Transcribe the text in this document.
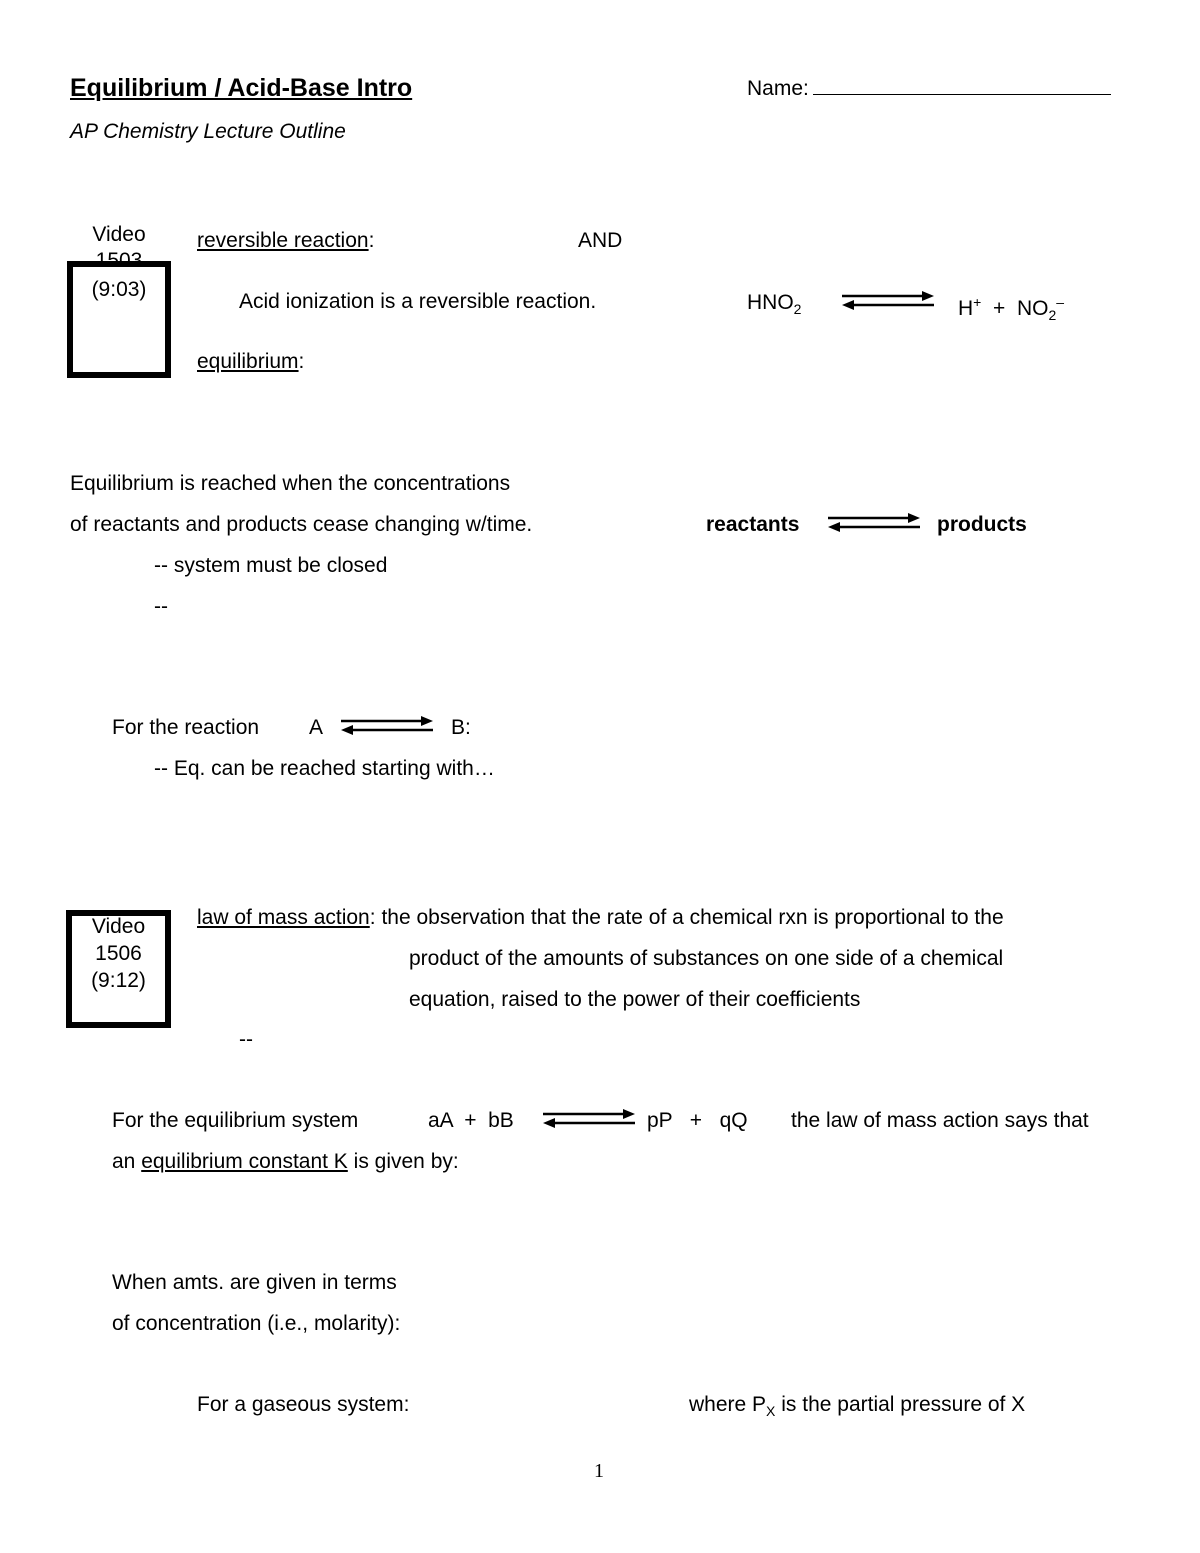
Equilibrium / Acid-Base Intro	Name:
AP Chemistry Lecture Outline
Video
1503
(9:03)
reversible reaction:	AND
Acid ionization is a reversible reaction.	$HNO_2$	$H^+ + NO_2^-$
equilibrium:
Equilibrium is reached when the concentrations
of reactants and products cease changing w/time.	reactants	products
-- system must be closed
--
For the reaction A	B:
-- Eq. can be reached starting with…
Video
1506
(9:12)
law of mass action: the observation that the rate of a chemical rxn is proportional to the
product of the amounts of substances on one side of a chemical
equation, raised to the power of their coefficients
--
For the equilibrium system	aA  +  bB	pP   +   qQ the law of mass action says that
an equilibrium constant K is given by:
When amts. are given in terms
of concentration (i.e., molarity):
For a gaseous system:	where $P_X$ is the partial pressure of X
1
